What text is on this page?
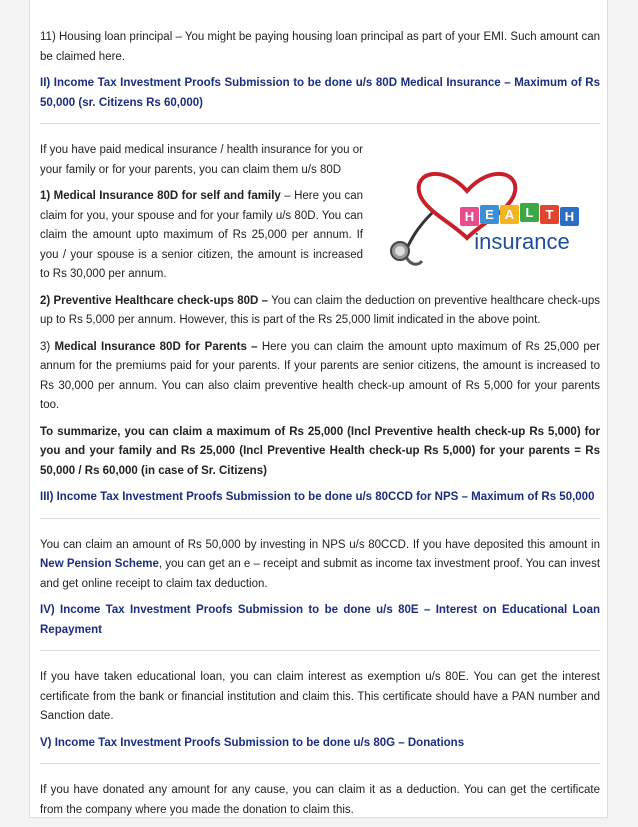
11) Housing loan principal – You might be paying housing loan principal as part of your EMI. Such amount can be claimed here.

II) Income Tax Investment Proofs Submission to be done u/s 80D Medical Insurance – Maximum of Rs 50,000 (sr. Citizens Rs 60,000)
H E A L T H
insurance

If you have paid medical insurance / health insurance for you or your family or for your parents, you can claim them u/s 80D

1) Medical Insurance 80D for self and family – Here you can claim for you, your spouse and for your family u/s 80D. You can claim the amount upto maximum of Rs 25,000 per annum. If you / your spouse is a senior citizen, the amount is increased to Rs 30,000 per annum.

2) Preventive Healthcare check-ups 80D – You can claim the deduction on preventive healthcare check-ups up to Rs 5,000 per annum. However, this is part of the Rs 25,000 limit indicated in the above point.

3) Medical Insurance 80D for Parents – Here you can claim the amount upto maximum of Rs 25,000 per annum for the premiums paid for your parents. If your parents are senior citizens, the amount is increased to Rs 30,000 per annum. You can also claim preventive health check-up amount of Rs 5,000 for your parents too.

To summarize, you can claim a maximum of Rs 25,000 (Incl Preventive health check-up Rs 5,000) for you and your family and Rs 25,000 (Incl Preventive Health check-up Rs 5,000) for your parents = Rs 50,000 / Rs 60,000 (in case of Sr. Citizens)

III) Income Tax Investment Proofs Submission to be done u/s 80CCD for NPS – Maximum of Rs 50,000

You can claim an amount of Rs 50,000 by investing in NPS u/s 80CCD. If you have deposited this amount in New Pension Scheme, you can get an e – receipt and submit as income tax investment proof. You can invest and get online receipt to claim tax deduction.

IV) Income Tax Investment Proofs Submission to be done u/s 80E – Interest on Educational Loan Repayment

If you have taken educational loan, you can claim interest as exemption u/s 80E. You can get the interest certificate from the bank or financial institution and claim this. This certificate should have a PAN number and Sanction date.

V) Income Tax Investment Proofs Submission to be done u/s 80G – Donations

If you have donated any amount for any cause, you can claim it as a deduction. You can get the certificate from the company where you made the donation to claim this.
